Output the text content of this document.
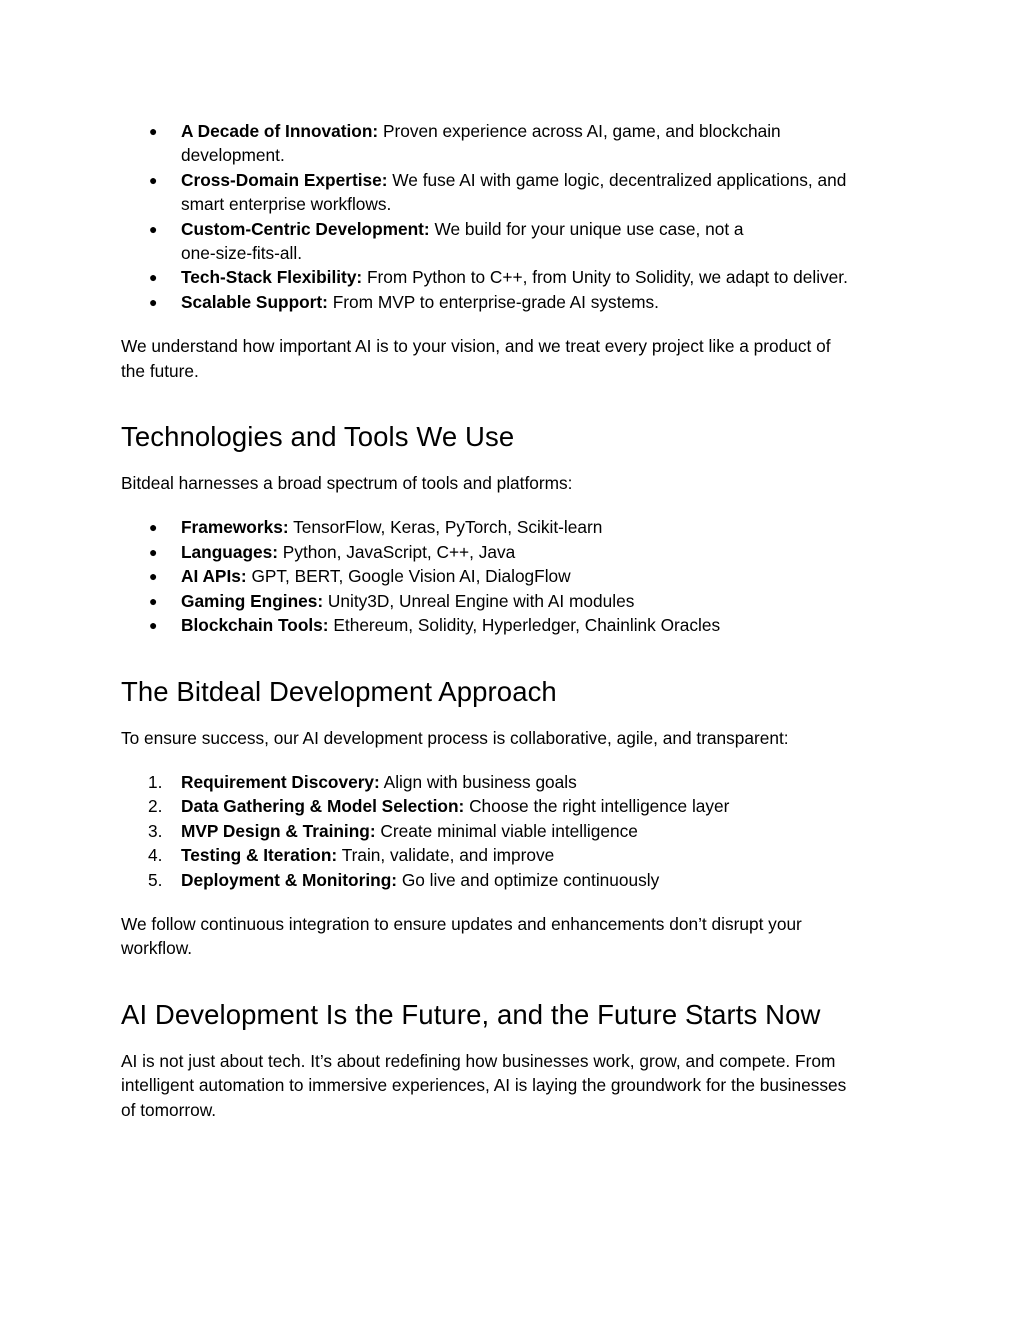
●	A Decade of Innovation: Proven experience across AI, game, and blockchain
development.
●	Cross-Domain Expertise: We fuse AI with game logic, decentralized applications, and
smart enterprise workflows.
●	Custom-Centric Development: We build for your unique use case, not a
one-size-fits-all.
●	Tech-Stack Flexibility: From Python to C++, from Unity to Solidity, we adapt to deliver.
●	Scalable Support: From MVP to enterprise-grade AI systems.

We understand how important AI is to your vision, and we treat every project like a product of
the future.

Technologies and Tools We Use

Bitdeal harnesses a broad spectrum of tools and platforms:

●	Frameworks: TensorFlow, Keras, PyTorch, Scikit-learn
●	Languages: Python, JavaScript, C++, Java
●	AI APIs: GPT, BERT, Google Vision AI, DialogFlow
●	Gaming Engines: Unity3D, Unreal Engine with AI modules
●	Blockchain Tools: Ethereum, Solidity, Hyperledger, Chainlink Oracles
The Bitdeal Development Approach

To ensure success, our AI development process is collaborative, agile, and transparent:

1.	Requirement Discovery: Align with business goals
2.	Data Gathering & Model Selection: Choose the right intelligence layer
3.	MVP Design & Training: Create minimal viable intelligence
4.	Testing & Iteration: Train, validate, and improve
5.	Deployment & Monitoring: Go live and optimize continuously

We follow continuous integration to ensure updates and enhancements don’t disrupt your
workflow.

AI Development Is the Future, and the Future Starts Now

AI is not just about tech. It’s about redefining how businesses work, grow, and compete. From
intelligent automation to immersive experiences, AI is laying the groundwork for the businesses
of tomorrow.
